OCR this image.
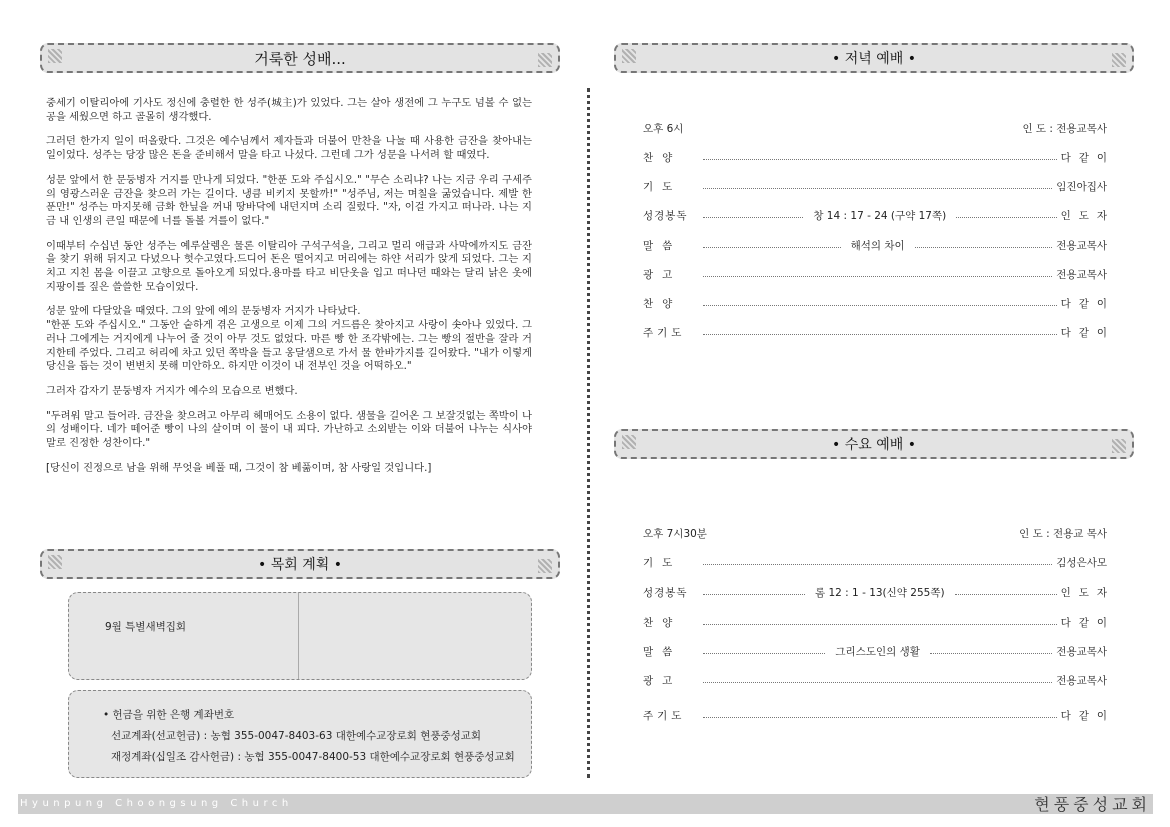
거룩한 성배...

중세기 이탈리아에 기사도 정신에 충렬한 한 성주(城主)가 있었다. 그는 살아 생전에 그 누구도 넘볼 수 없는 공을 세웠으면 하고 골몰히 생각했다.

그러던 한가지 일이 떠올랐다. 그것은 예수님께서 제자들과 더불어 만찬을 나눌 때 사용한 금잔을 찾아내는 일이었다. 성주는 당장 많은 돈을 준비해서 말을 타고 나섰다. 그런데 그가 성문을 나서려 할 때였다.

성문 앞에서 한 문둥병자 거지를 만나게 되었다. "한푼 도와 주십시오." "무슨 소리냐? 나는 지금 우리 구세주의 영광스러운 금잔을 찾으러 가는 길이다. 냉큼 비키지 못할까!" "성주님, 저는 며칠을 굶었습니다. 제발 한푼만!" 성주는 마지못해 금화 한닢을 꺼내 땅바닥에 내던지며 소리 질렀다. "자, 이걸 가지고 떠나라. 나는 지금 내 인생의 큰일 때문에 너를 돌볼 겨를이 없다."

이때부터 수십년 동안 성주는 예루살렘은 물론 이탈리아 구석구석을, 그리고 멀리 애급과 사막에까지도 금잔을 찾기 위해 뒤지고 다녔으나 헛수고였다.드디어 돈은 떨어지고 머리에는 하얀 서리가 앉게 되었다. 그는 지치고 지친 몸을 이끌고 고향으로 돌아오게 되었다.용마를 타고 비단옷을 입고 떠나던 때와는 달리 낡은 옷에지팡이를 짚은 쓸쓸한 모습이었다.

성문 앞에 다달았을 때였다. 그의 앞에 예의 문둥병자 거지가 나타났다.
"한푼 도와 주십시오." 그동안 숱하게 겪은 고생으로 이제 그의 거드름은 찾아지고 사랑이 솟아나 있었다. 그러나 그에게는 거지에게 나누어 줄 것이 아무 것도 없었다. 마른 빵 한 조각밖에는. 그는 빵의 절반을 잘라 거지한테 주었다. 그리고 허리에 차고 있던 쪽박을 들고 옹달샘으로 가서 물 한바가지를 길어왔다. "내가 이렇게 당신을 돕는 것이 변변치 못해 미안하오. 하지만 이것이 내 전부인 것을 어떡하오."

그러자 갑자기 문둥병자 거지가 예수의 모습으로 변했다.

"두려워 말고 들어라. 금잔을 찾으려고 아무리 헤매어도 소용이 없다. 샘물을 길어온 그 보잘것없는 쪽박이 나의 성배이다. 네가 떼어준 빵이 나의 살이며 이 물이 내 피다. 가난하고 소외받는 이와 더불어 나누는 식사야말로 진정한 성찬이다."

[당신이 진정으로 남을 위해 무엇을 베풀 때, 그것이 참 베풂이며, 참 사랑일 것입니다.]

• 목회 계획 •
9월 특별새벽집회
• 헌금을 위한 은행 계좌번호
선교계좌(선교헌금) : 농협 355-0047-8403-63 대한예수교장로회 현풍중성교회
재정계좌(십일조 감사헌금) : 농협 355-0047-8400-53 대한예수교장로회 현풍중성교회
• 저녁 예배 •
오후 6시	인 도 : 전용교목사
찬양	다같이
기도	임진아집사
성경봉독	창 14 : 17 - 24 (구약 17쪽)	인도자
말씀	해석의 차이	전용교목사
광고	전용교목사
찬양	다같이
주기도	다같이
• 수요 예배 •
오후 7시30분	인 도 : 전용교 목사
기도	김성은사모
성경봉독	롬 12 : 1 - 13(신약 255쪽)	인도자
찬양	다같이
말씀	그리스도인의 생활	전용교목사
광고	전용교목사
주기도	다같이
Hyunpung Choongsung Church	현풍중성교회
